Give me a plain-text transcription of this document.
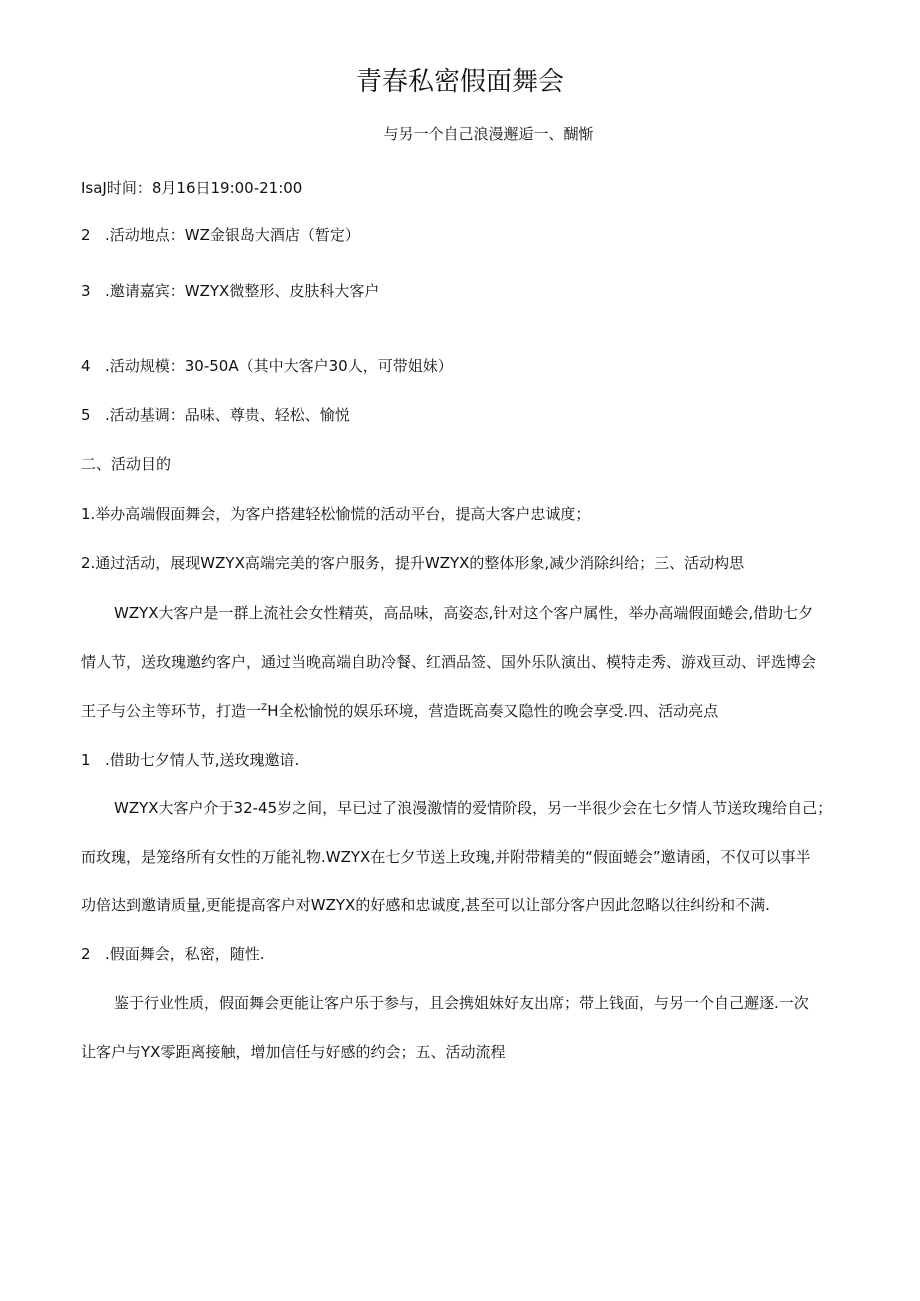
青春私密假面舞会
与另一个自己浪漫邂逅一、醐惭
IsaJ时间：8月16日19:00-21:00
2 .活动地点：WZ金银岛大酒店（暂定）
3 .邀请嘉宾：WZYX微整形、皮肤科大客户
4 .活动规模：30-50A（其中大客户30人，可带姐妹）
5 .活动基调：品味、尊贵、轻松、愉悦
二、活动目的
1.举办高端假面舞会，为客户搭建轻松愉慌的活动平台，提高大客户忠诚度；
2.通过活动，展现WZYX高端完美的客户服务，提升WZYX的整体形象,减少消除纠给；三、活动构思
WZYX大客户是一群上流社会女性精英，高品味，高姿态,针对这个客户属性，举办高端假面蜷会,借助七夕
情人节，送玫瑰邀约客户，通过当晚高端自助冷餐、红酒品签、国外乐队演出、模特走秀、游戏亘动、评选博会
王子与公主等环节，打造一$^Z$H全松愉悦的娱乐环境，营造既高奏又隐性的晚会享受.四、活动亮点
1 .借助七夕情人节,送玫瑰邀谙.
WZYX大客户介于32-45岁之间，早已过了浪漫激情的爱情阶段，另一半很少会在七夕情人节送玫瑰给自己；
而玫瑰，是笼络所有女性的万能礼物.WZYX在七夕节送上玫瑰,并附带精美的“假面蜷会”邀请函，不仅可以事半
功倍达到邀请质量,更能提高客户对WZYX的好感和忠诚度,甚至可以让部分客户因此忽略以往纠纷和不满.
2 .假面舞会，私密，随性.
鉴于行业性质，假面舞会更能让客户乐于参与，且会携姐妹好友出席；带上钱面，与另一个自己邂逐.一次
让客户与YX零距离接触，增加信任与好感的约会；五、活动流程
